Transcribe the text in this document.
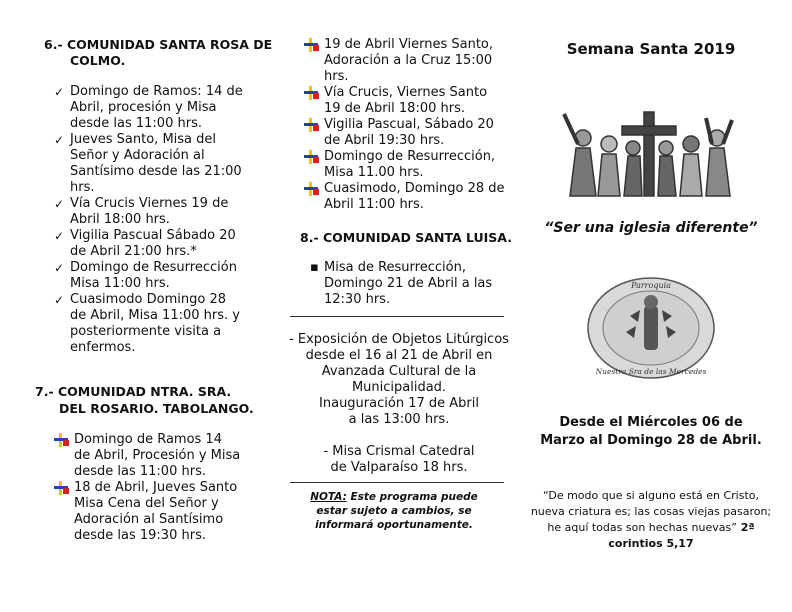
6.- COMUNIDAD SANTA ROSA DE
COLMO.
✓ Domingo de Ramos: 14 de Abril, procesión y Misa desde las 11:00 hrs.
✓ Jueves Santo, Misa del Señor y Adoración al Santísimo desde las 21:00 hrs.
✓ Vía Crucis Viernes 19 de Abril 18:00 hrs.
✓ Vigilia Pascual Sábado 20 de Abril 21:00 hrs.*
✓ Domingo de Resurrección Misa 11:00 hrs.
✓ Cuasimodo Domingo 28 de Abril, Misa 11:00 hrs. y posteriormente visita a enfermos.
7.- COMUNIDAD NTRA. SRA.
DEL ROSARIO. TABOLANGO.
Domingo de Ramos 14 de Abril, Procesión y Misa desde las 11:00 hrs.
18 de Abril, Jueves Santo Misa Cena del Señor y Adoración al Santísimo desde las 19:30 hrs.
19 de Abril Viernes Santo, Adoración a la Cruz 15:00 hrs.
Vía Crucis, Viernes Santo 19 de Abril 18:00 hrs.
Vigilia Pascual, Sábado 20 de Abril 19:30 hrs.
Domingo de Resurrección, Misa 11.00 hrs.
Cuasimodo, Domingo 28 de Abril 11:00 hrs.
8.- COMUNIDAD SANTA LUISA.
▪ Misa de Resurrección, Domingo 21 de Abril a las 12:30 hrs.
- Exposición de Objetos Litúrgicos
desde el 16 al 21 de Abril en
Avanzada Cultural de la
Municipalidad.
Inauguración 17 de Abril
a las 13:00 hrs.
- Misa Crismal Catedral
de Valparaíso 18 hrs.
NOTA: Este programa puede estar sujeto a cambios, se informará oportunamente.
Semana Santa 2019
“Ser una iglesia diferente”
Parroquia
Nuestra Sra de las Mercedes
Desde el Miércoles 06 de
Marzo al Domingo 28 de Abril.
“De modo que si alguno está en Cristo, nueva criatura es; las cosas viejas pasaron; he aquí todas son hechas nuevas” 2ª corintios 5,17
